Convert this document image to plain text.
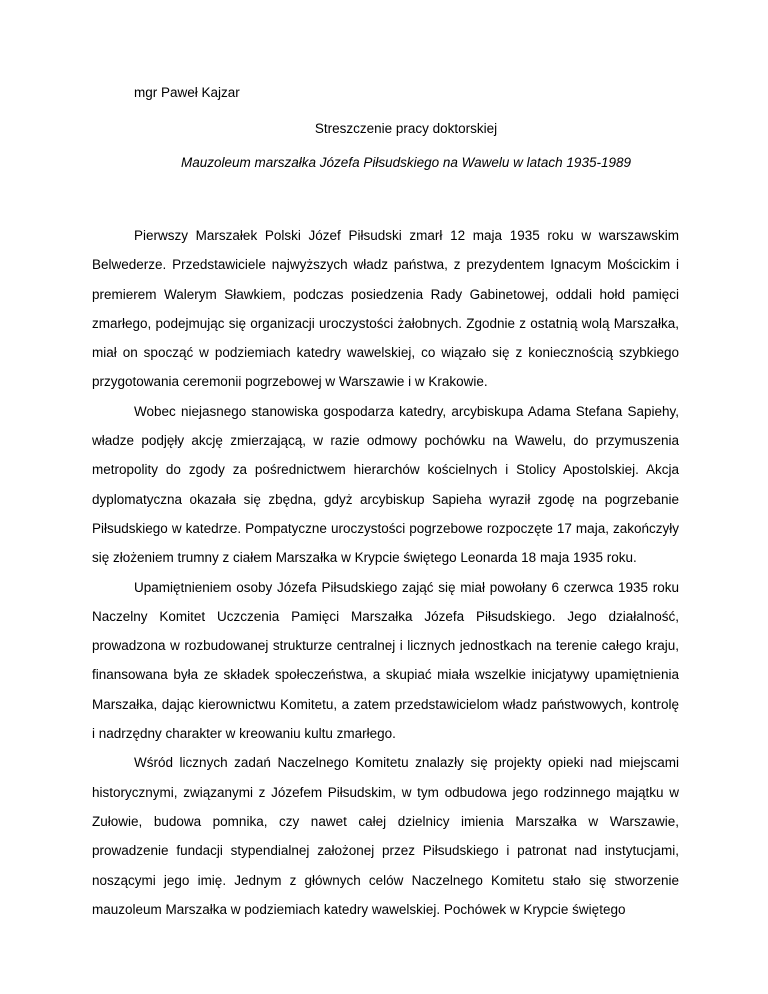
mgr Paweł Kajzar
Streszczenie pracy doktorskiej
Mauzoleum marszałka Józefa Piłsudskiego na Wawelu w latach 1935-1989

Pierwszy Marszałek Polski Józef Piłsudski zmarł 12 maja 1935 roku w warszawskim Belwederze. Przedstawiciele najwyższych władz państwa, z prezydentem Ignacym Mościckim i premierem Walerym Sławkiem, podczas posiedzenia Rady Gabinetowej, oddali hołd pamięci zmarłego, podejmując się organizacji uroczystości żałobnych. Zgodnie z ostatnią wolą Marszałka, miał on spocząć w podziemiach katedry wawelskiej, co wiązało się z koniecznością szybkiego przygotowania ceremonii pogrzebowej w Warszawie i w Krakowie.

Wobec niejasnego stanowiska gospodarza katedry, arcybiskupa Adama Stefana Sapiehy, władze podjęły akcję zmierzającą, w razie odmowy pochówku na Wawelu, do przymuszenia metropolity do zgody za pośrednictwem hierarchów kościelnych i Stolicy Apostolskiej. Akcja dyplomatyczna okazała się zbędna, gdyż arcybiskup Sapieha wyraził zgodę na pogrzebanie Piłsudskiego w katedrze. Pompatyczne uroczystości pogrzebowe rozpoczęte 17 maja, zakończyły się złożeniem trumny z ciałem Marszałka w Krypcie świętego Leonarda 18 maja 1935 roku.

Upamiętnieniem osoby Józefa Piłsudskiego zająć się miał powołany 6 czerwca 1935 roku Naczelny Komitet Uczczenia Pamięci Marszałka Józefa Piłsudskiego. Jego działalność, prowadzona w rozbudowanej strukturze centralnej i licznych jednostkach na terenie całego kraju, finansowana była ze składek społeczeństwa, a skupiać miała wszelkie inicjatywy upamiętnienia Marszałka, dając kierownictwu Komitetu, a zatem przedstawicielom władz państwowych, kontrolę i nadrzędny charakter w kreowaniu kultu zmarłego.

Wśród licznych zadań Naczelnego Komitetu znalazły się projekty opieki nad miejscami historycznymi, związanymi z Józefem Piłsudskim, w tym odbudowa jego rodzinnego majątku w Zułowie, budowa pomnika, czy nawet całej dzielnicy imienia Marszałka w Warszawie, prowadzenie fundacji stypendialnej założonej przez Piłsudskiego i patronat nad instytucjami, noszącymi jego imię. Jednym z głównych celów Naczelnego Komitetu stało się stworzenie mauzoleum Marszałka w podziemiach katedry wawelskiej. Pochówek w Krypcie świętego
